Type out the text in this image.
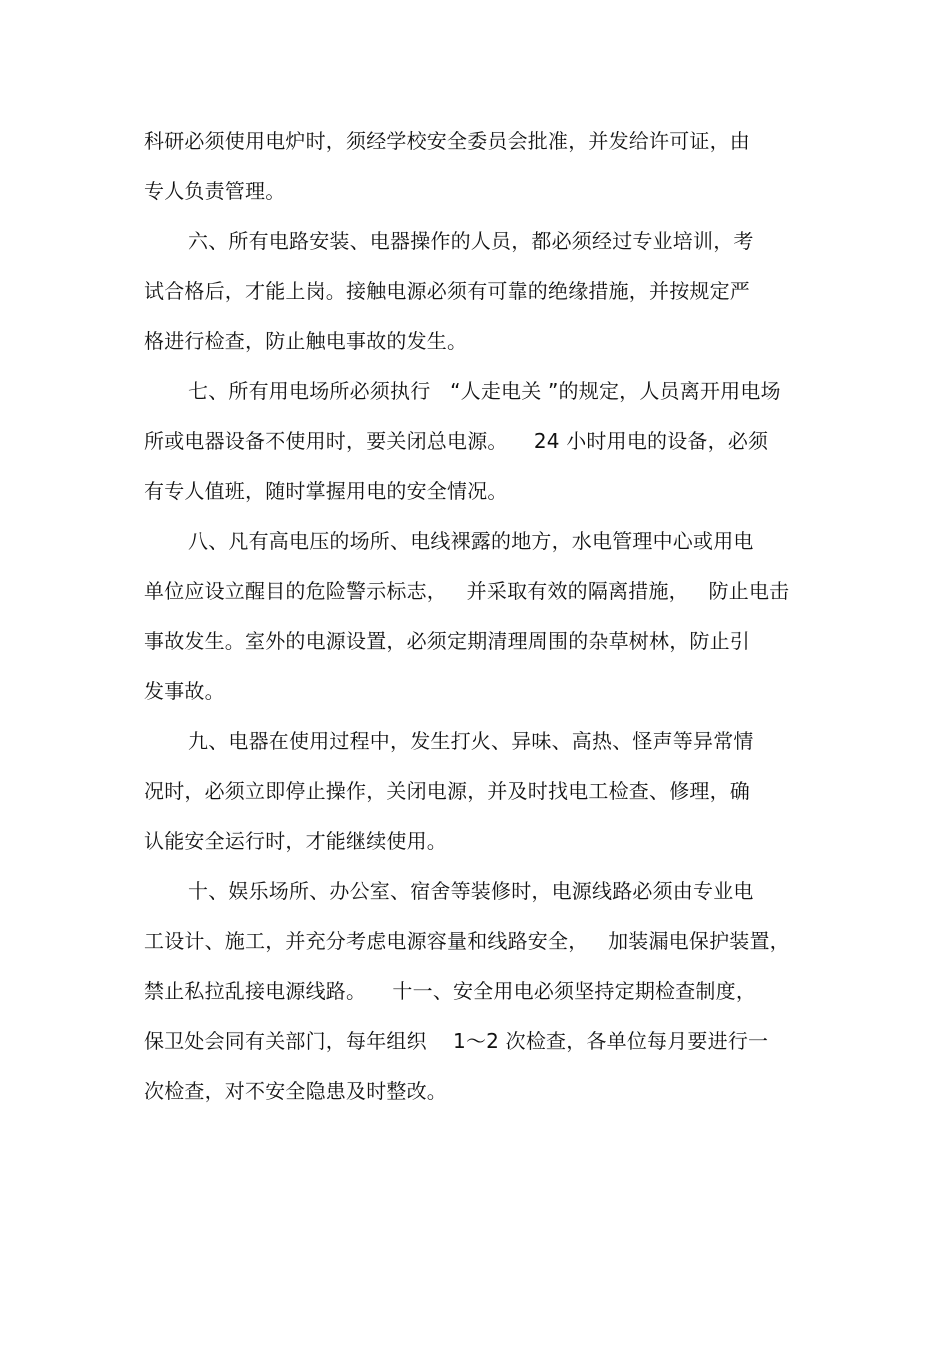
科研必须使用电炉时，须经学校安全委员会批准，并发给许可证，由
专人负责管理。
六、所有电路安装、电器操作的人员，都必须经过专业培训，考
试合格后，才能上岗。接触电源必须有可靠的绝缘措施，并按规定严
格进行检查，防止触电事故的发生。
七、所有用电场所必须执行   “人走电关 ”的规定，人员离开用电场
所或电器设备不使用时，要关闭总电源。    24 小时用电的设备，必须
有专人值班，随时掌握用电的安全情况。
八、凡有高电压的场所、电线裸露的地方，水电管理中心或用电
单位应设立醒目的危险警示标志，   并采取有效的隔离措施，   防止电击
事故发生。室外的电源设置，必须定期清理周围的杂草树林，防止引
发事故。
九、电器在使用过程中，发生打火、异味、高热、怪声等异常情
况时，必须立即停止操作，关闭电源，并及时找电工检查、修理，确
认能安全运行时，才能继续使用。
十、娱乐场所、办公室、宿舍等装修时，电源线路必须由专业电
工设计、施工，并充分考虑电源容量和线路安全，   加装漏电保护装置，
禁止私拉乱接电源线路。    十一、安全用电必须坚持定期检查制度，
保卫处会同有关部门，每年组织    1～2 次检查，各单位每月要进行一
次检查，对不安全隐患及时整改。
